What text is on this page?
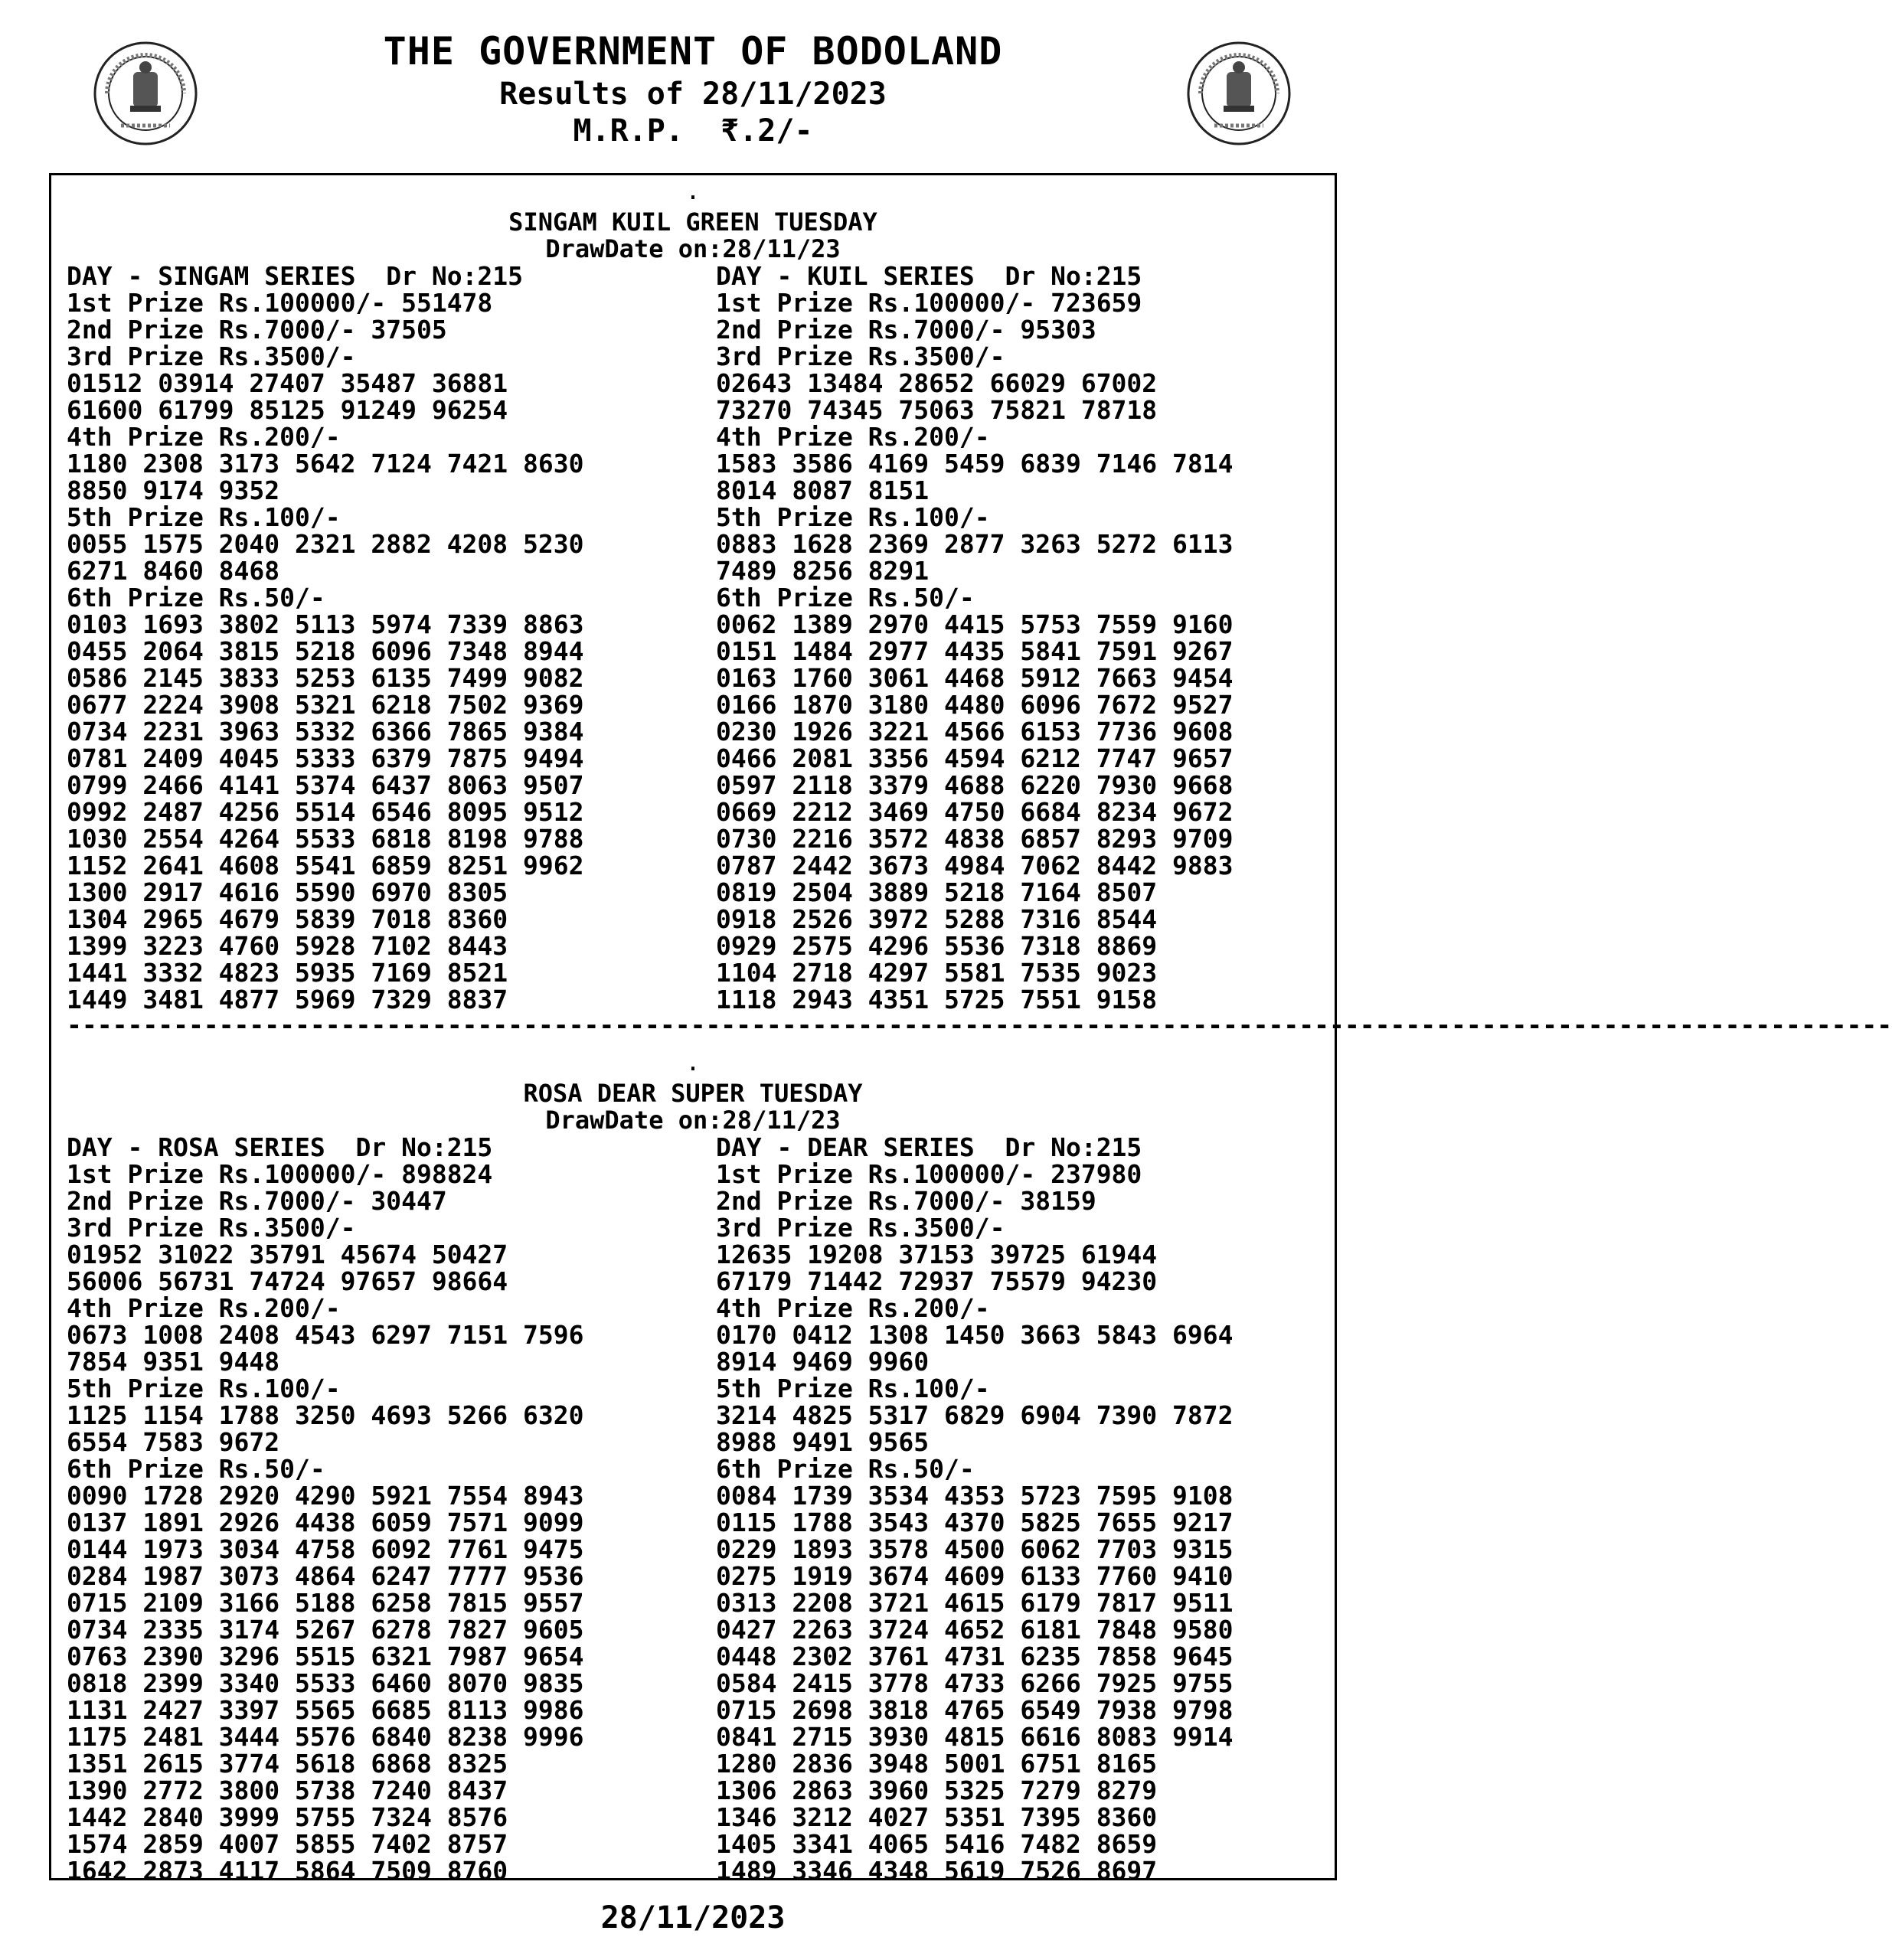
THE GOVERNMENT OF BODOLAND
Results of 28/11/2023
M.R.P.  ₹.2/-
.
SINGAM KUIL GREEN TUESDAY
DrawDate on:28/11/23
DAY - SINGAM SERIES  Dr No:215
1st Prize Rs.100000/- 551478
2nd Prize Rs.7000/- 37505
3rd Prize Rs.3500/-
01512 03914 27407 35487 36881
61600 61799 85125 91249 96254
4th Prize Rs.200/-
1180 2308 3173 5642 7124 7421 8630
8850 9174 9352
5th Prize Rs.100/-
0055 1575 2040 2321 2882 4208 5230
6271 8460 8468
6th Prize Rs.50/-
0103 1693 3802 5113 5974 7339 8863
0455 2064 3815 5218 6096 7348 8944
0586 2145 3833 5253 6135 7499 9082
0677 2224 3908 5321 6218 7502 9369
0734 2231 3963 5332 6366 7865 9384
0781 2409 4045 5333 6379 7875 9494
0799 2466 4141 5374 6437 8063 9507
0992 2487 4256 5514 6546 8095 9512
1030 2554 4264 5533 6818 8198 9788
1152 2641 4608 5541 6859 8251 9962
1300 2917 4616 5590 6970 8305
1304 2965 4679 5839 7018 8360
1399 3223 4760 5928 7102 8443
1441 3332 4823 5935 7169 8521
1449 3481 4877 5969 7329 8837
DAY - KUIL SERIES  Dr No:215
1st Prize Rs.100000/- 723659
2nd Prize Rs.7000/- 95303
3rd Prize Rs.3500/-
02643 13484 28652 66029 67002
73270 74345 75063 75821 78718
4th Prize Rs.200/-
1583 3586 4169 5459 6839 7146 7814
8014 8087 8151
5th Prize Rs.100/-
0883 1628 2369 2877 3263 5272 6113
7489 8256 8291
6th Prize Rs.50/-
0062 1389 2970 4415 5753 7559 9160
0151 1484 2977 4435 5841 7591 9267
0163 1760 3061 4468 5912 7663 9454
0166 1870 3180 4480 6096 7672 9527
0230 1926 3221 4566 6153 7736 9608
0466 2081 3356 4594 6212 7747 9657
0597 2118 3379 4688 6220 7930 9668
0669 2212 3469 4750 6684 8234 9672
0730 2216 3572 4838 6857 8293 9709
0787 2442 3673 4984 7062 8442 9883
0819 2504 3889 5218 7164 8507
0918 2526 3972 5288 7316 8544
0929 2575 4296 5536 7318 8869
1104 2718 4297 5581 7535 9023
1118 2943 4351 5725 7551 9158
------------------------------------------------------------------------------------------------------------------------
.
ROSA DEAR SUPER TUESDAY
DrawDate on:28/11/23
DAY - ROSA SERIES  Dr No:215
1st Prize Rs.100000/- 898824
2nd Prize Rs.7000/- 30447
3rd Prize Rs.3500/-
01952 31022 35791 45674 50427
56006 56731 74724 97657 98664
4th Prize Rs.200/-
0673 1008 2408 4543 6297 7151 7596
7854 9351 9448
5th Prize Rs.100/-
1125 1154 1788 3250 4693 5266 6320
6554 7583 9672
6th Prize Rs.50/-
0090 1728 2920 4290 5921 7554 8943
0137 1891 2926 4438 6059 7571 9099
0144 1973 3034 4758 6092 7761 9475
0284 1987 3073 4864 6247 7777 9536
0715 2109 3166 5188 6258 7815 9557
0734 2335 3174 5267 6278 7827 9605
0763 2390 3296 5515 6321 7987 9654
0818 2399 3340 5533 6460 8070 9835
1131 2427 3397 5565 6685 8113 9986
1175 2481 3444 5576 6840 8238 9996
1351 2615 3774 5618 6868 8325
1390 2772 3800 5738 7240 8437
1442 2840 3999 5755 7324 8576
1574 2859 4007 5855 7402 8757
1642 2873 4117 5864 7509 8760
DAY - DEAR SERIES  Dr No:215
1st Prize Rs.100000/- 237980
2nd Prize Rs.7000/- 38159
3rd Prize Rs.3500/-
12635 19208 37153 39725 61944
67179 71442 72937 75579 94230
4th Prize Rs.200/-
0170 0412 1308 1450 3663 5843 6964
8914 9469 9960
5th Prize Rs.100/-
3214 4825 5317 6829 6904 7390 7872
8988 9491 9565
6th Prize Rs.50/-
0084 1739 3534 4353 5723 7595 9108
0115 1788 3543 4370 5825 7655 9217
0229 1893 3578 4500 6062 7703 9315
0275 1919 3674 4609 6133 7760 9410
0313 2208 3721 4615 6179 7817 9511
0427 2263 3724 4652 6181 7848 9580
0448 2302 3761 4731 6235 7858 9645
0584 2415 3778 4733 6266 7925 9755
0715 2698 3818 4765 6549 7938 9798
0841 2715 3930 4815 6616 8083 9914
1280 2836 3948 5001 6751 8165
1306 2863 3960 5325 7279 8279
1346 3212 4027 5351 7395 8360
1405 3341 4065 5416 7482 8659
1489 3346 4348 5619 7526 8697
28/11/2023
